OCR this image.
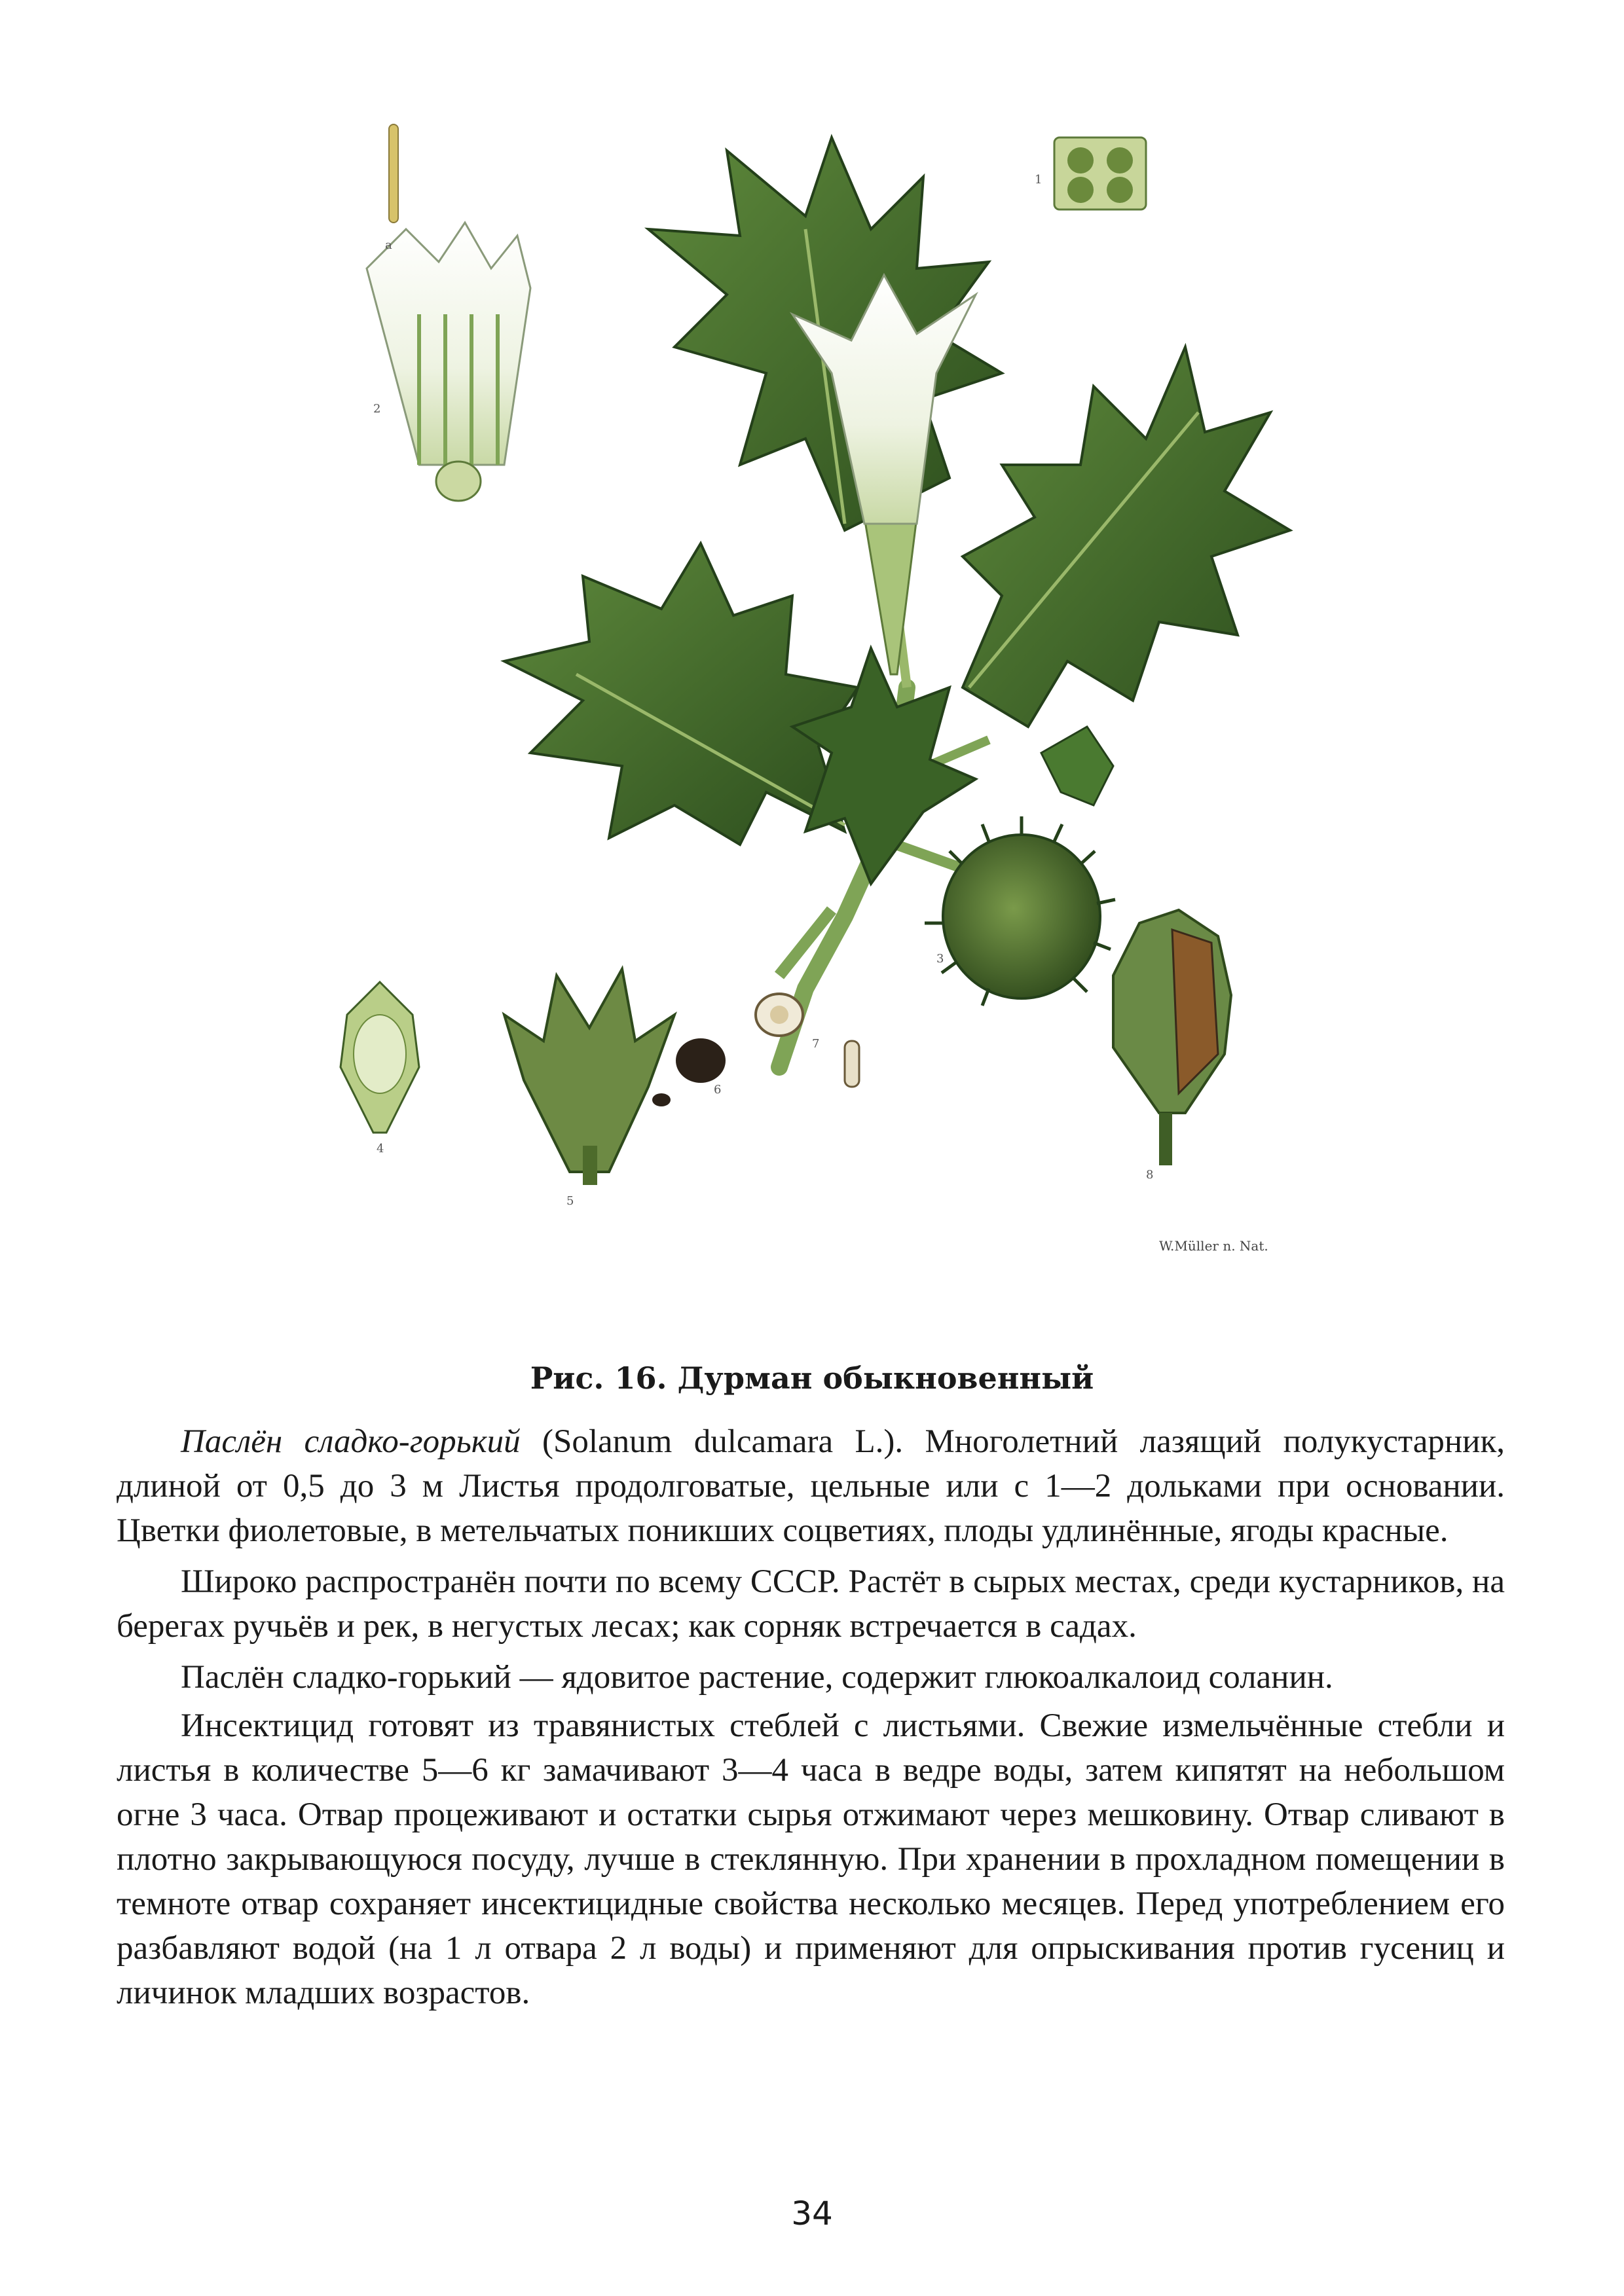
a
1
2
3
4
5
6
7
8
W.Müller n. Nat.
Рис. 16. Дурман обыкновенный

Паслён сладко-горький (Solanum dulcamara L.). Многолетний лазящий полукустарник, длиной от 0,5 до 3 м Листья продолговатые, цельные или с 1—2 дольками при основании. Цветки фиолетовые, в метельчатых поникших соцветиях, плоды удлинённые, ягоды красные.

Широко распространён почти по всему СССР. Растёт в сырых местах, среди кустарников, на берегах ручьёв и рек, в негустых лесах; как сорняк встречается в садах.

Паслён сладко-горький — ядовитое растение, содержит глюкоалкалоид соланин.

Инсектицид готовят из травянистых стеблей с листьями. Свежие измельчённые стебли и листья в количестве 5—6 кг замачивают 3—4 часа в ведре воды, затем кипятят на небольшом огне 3 часа. Отвар процеживают и остатки сырья отжимают через мешковину. Отвар сливают в плотно закрывающуюся посуду, лучше в стеклянную. При хранении в прохладном помещении в темноте отвар сохраняет инсектицидные свойства несколько месяцев. Перед употреблением его разбавляют водой (на 1 л отвара 2 л воды) и применяют для опрыскивания против гусениц и личинок младших возрастов.

34
